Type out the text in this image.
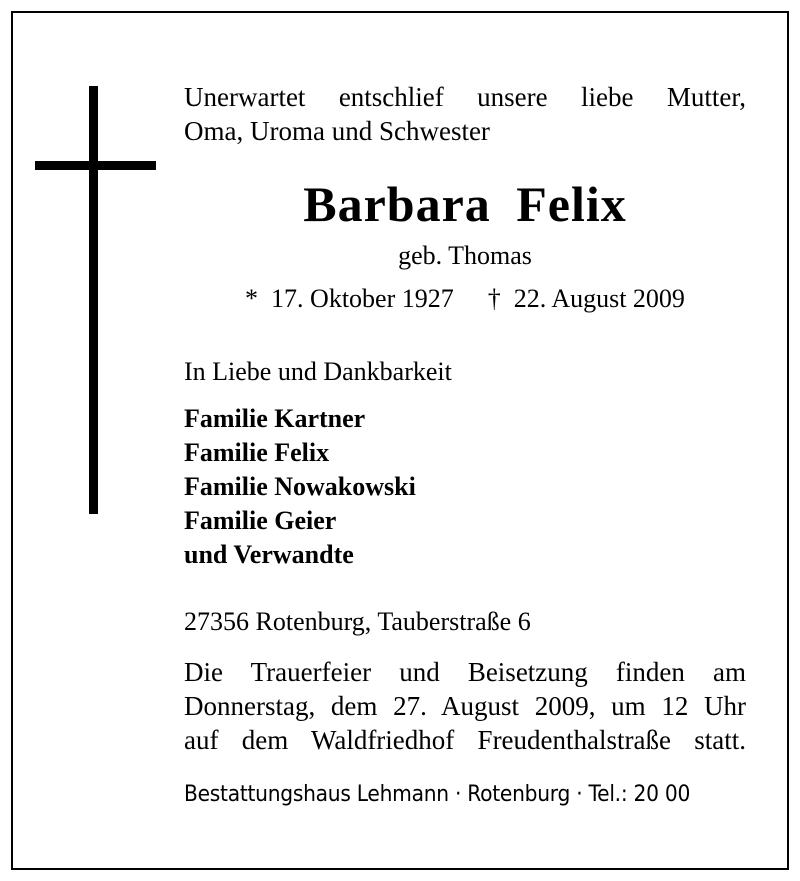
Unerwartet entschlief unsere liebe Mutter,
Oma, Uroma und Schwester
Barbara Felix
geb. Thomas
* 17. Oktober 1927 † 22. August 2009
In Liebe und Dankbarkeit
Familie Kartner
Familie Felix
Familie Nowakowski
Familie Geier
und Verwandte
27356 Rotenburg, Tauberstraße 6
Die Trauerfeier und Beisetzung finden am
Donnerstag, dem 27. August 2009, um 12 Uhr
auf dem Waldfriedhof Freudenthalstraße statt.
Bestattungshaus Lehmann · Rotenburg · Tel.: 20 00
